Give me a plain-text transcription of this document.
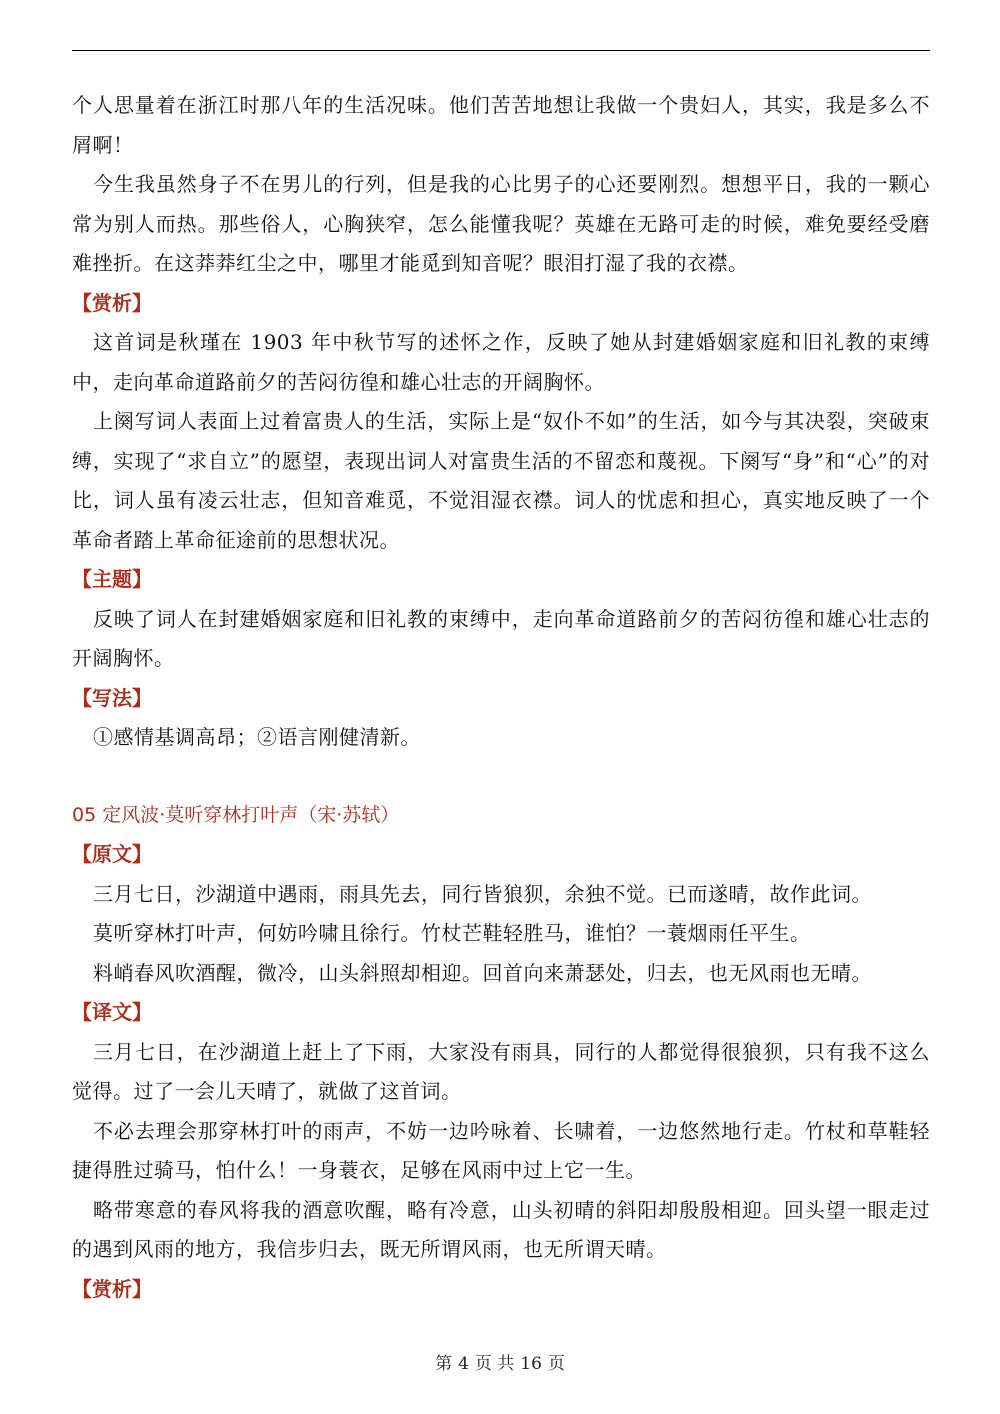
个人思量着在浙江时那八年的生活况味。他们苦苦地想让我做一个贵妇人，其实，我是多么不屑啊！

今生我虽然身子不在男儿的行列，但是我的心比男子的心还要刚烈。想想平日，我的一颗心常为别人而热。那些俗人，心胸狭窄，怎么能懂我呢？英雄在无路可走的时候，难免要经受磨难挫折。在这莽莽红尘之中，哪里才能觅到知音呢？眼泪打湿了我的衣襟。

【赏析】

这首词是秋瑾在 1903 年中秋节写的述怀之作，反映了她从封建婚姻家庭和旧礼教的束缚中，走向革命道路前夕的苦闷彷徨和雄心壮志的开阔胸怀。

上阕写词人表面上过着富贵人的生活，实际上是“奴仆不如”的生活，如今与其决裂，突破束缚，实现了“求自立”的愿望，表现出词人对富贵生活的不留恋和蔑视。下阕写“身”和“心”的对比，词人虽有凌云壮志，但知音难觅，不觉泪湿衣襟。词人的忧虑和担心，真实地反映了一个革命者踏上革命征途前的思想状况。

【主题】

反映了词人在封建婚姻家庭和旧礼教的束缚中，走向革命道路前夕的苦闷彷徨和雄心壮志的开阔胸怀。

【写法】

①感情基调高昂；②语言刚健清新。

05 定风波·莫听穿林打叶声（宋·苏轼）

【原文】

三月七日，沙湖道中遇雨，雨具先去，同行皆狼狈，余独不觉。已而遂晴，故作此词。

莫听穿林打叶声，何妨吟啸且徐行。竹杖芒鞋轻胜马，谁怕？一蓑烟雨任平生。

料峭春风吹酒醒，微冷，山头斜照却相迎。回首向来萧瑟处，归去，也无风雨也无晴。

【译文】

三月七日，在沙湖道上赶上了下雨，大家没有雨具，同行的人都觉得很狼狈，只有我不这么觉得。过了一会儿天晴了，就做了这首词。

不必去理会那穿林打叶的雨声，不妨一边吟咏着、长啸着，一边悠然地行走。竹杖和草鞋轻捷得胜过骑马，怕什么！一身蓑衣，足够在风雨中过上它一生。

略带寒意的春风将我的酒意吹醒，略有冷意，山头初晴的斜阳却殷殷相迎。回头望一眼走过的遇到风雨的地方，我信步归去，既无所谓风雨，也无所谓天晴。

【赏析】

第 4 页 共 16 页
